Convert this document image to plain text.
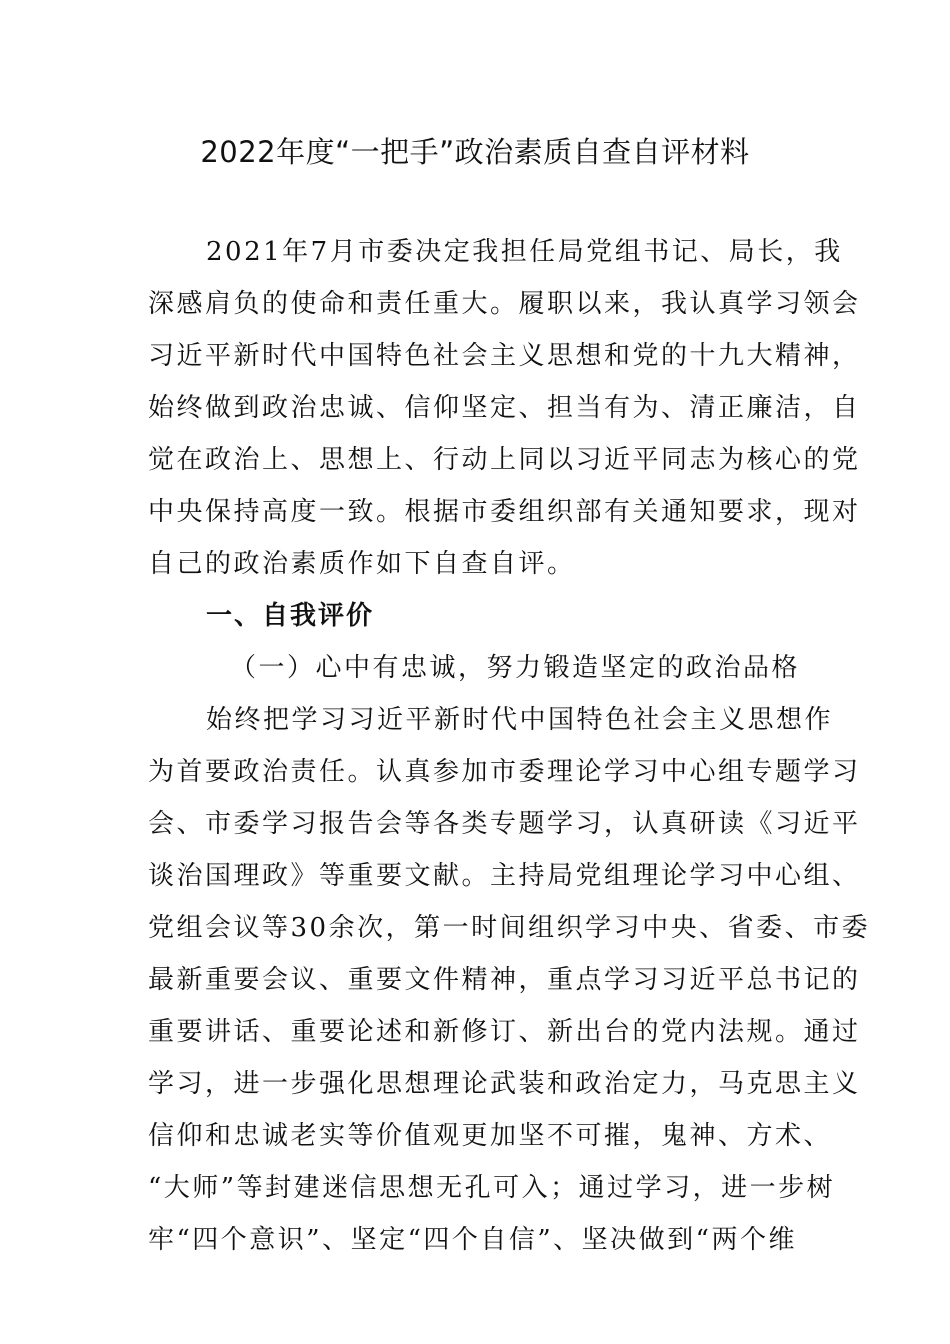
2022年度“一把手”政治素质自查自评材料
2021年7月市委决定我担任局党组书记、局长，我
深感肩负的使命和责任重大。履职以来，我认真学习领会
习近平新时代中国特色社会主义思想和党的十九大精神，
始终做到政治忠诚、信仰坚定、担当有为、清正廉洁，自
觉在政治上、思想上、行动上同以习近平同志为核心的党
中央保持高度一致。根据市委组织部有关通知要求，现对
自己的政治素质作如下自查自评。
一、自我评价
（一）心中有忠诚，努力锻造坚定的政治品格
始终把学习习近平新时代中国特色社会主义思想作
为首要政治责任。认真参加市委理论学习中心组专题学习
会、市委学习报告会等各类专题学习，认真研读《习近平
谈治国理政》等重要文献。主持局党组理论学习中心组、
党组会议等30余次，第一时间组织学习中央、省委、市委
最新重要会议、重要文件精神，重点学习习近平总书记的
重要讲话、重要论述和新修订、新出台的党内法规。通过
学习，进一步强化思想理论武装和政治定力，马克思主义
信仰和忠诚老实等价值观更加坚不可摧，鬼神、方术、
“大师”等封建迷信思想无孔可入；通过学习，进一步树
牢“四个意识”、坚定“四个自信”、坚决做到“两个维
